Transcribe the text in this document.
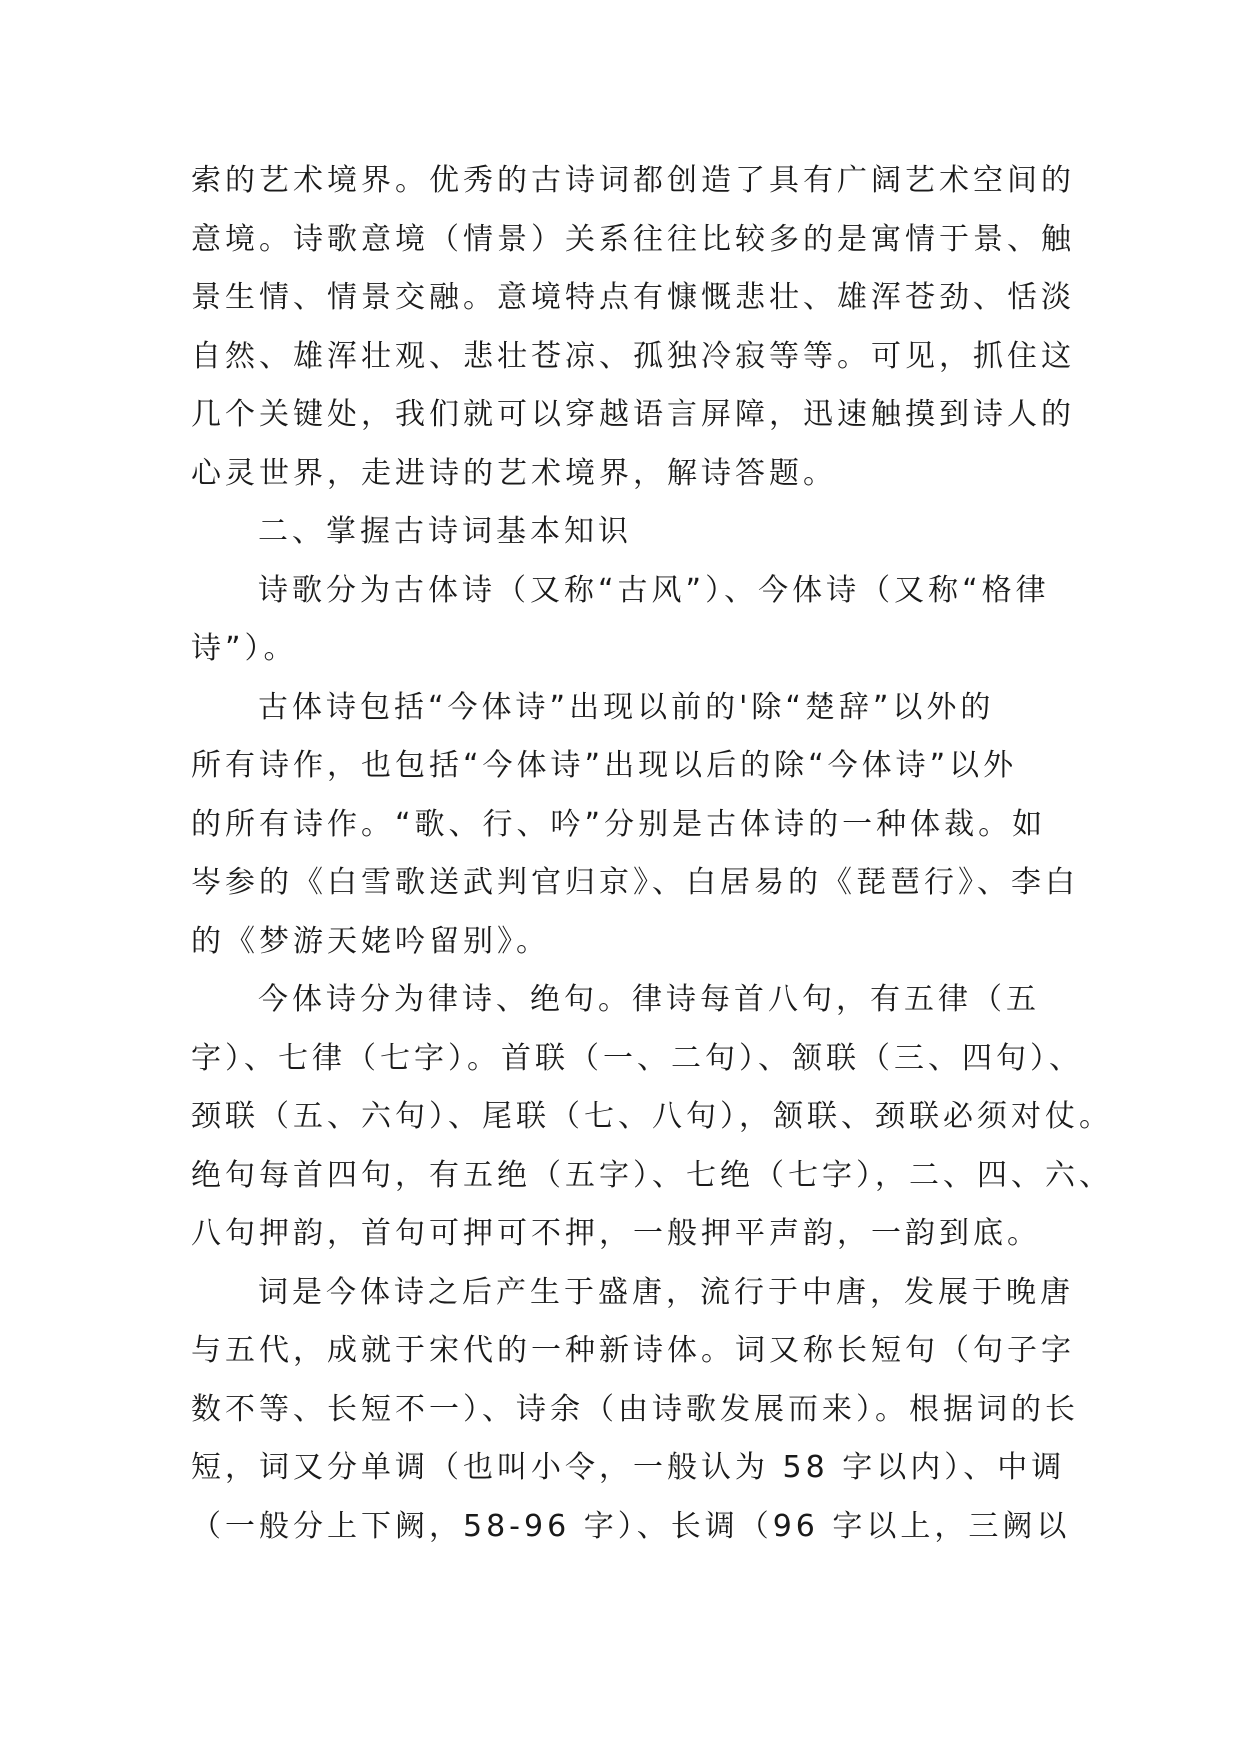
索的艺术境界。优秀的古诗词都创造了具有广阔艺术空间的
意境。诗歌意境（情景）关系往往比较多的是寓情于景、触
景生情、情景交融。意境特点有慷慨悲壮、雄浑苍劲、恬淡
自然、雄浑壮观、悲壮苍凉、孤独冷寂等等。可见，抓住这
几个关键处，我们就可以穿越语言屏障，迅速触摸到诗人的
心灵世界，走进诗的艺术境界，解诗答题。
二、掌握古诗词基本知识
诗歌分为古体诗（又称“古风”）、今体诗（又称“格律
诗”）。
古体诗包括“今体诗”出现以前的'除“楚辞”以外的
所有诗作，也包括“今体诗”出现以后的除“今体诗”以外
的所有诗作。“歌、行、吟”分别是古体诗的一种体裁。如
岑参的《白雪歌送武判官归京》、白居易的《琵琶行》、李白
的《梦游天姥吟留别》。
今体诗分为律诗、绝句。律诗每首八句，有五律（五
字）、七律（七字）。首联（一、二句）、颔联（三、四句）、
颈联（五、六句）、尾联（七、八句），颔联、颈联必须对仗。
绝句每首四句，有五绝（五字）、七绝（七字），二、四、六、
八句押韵，首句可押可不押，一般押平声韵，一韵到底。
词是今体诗之后产生于盛唐，流行于中唐，发展于晚唐
与五代，成就于宋代的一种新诗体。词又称长短句（句子字
数不等、长短不一）、诗余（由诗歌发展而来）。根据词的长
短，词又分单调（也叫小令，一般认为 58 字以内）、中调
（一般分上下阙，58-96 字）、长调（96 字以上，三阙以
